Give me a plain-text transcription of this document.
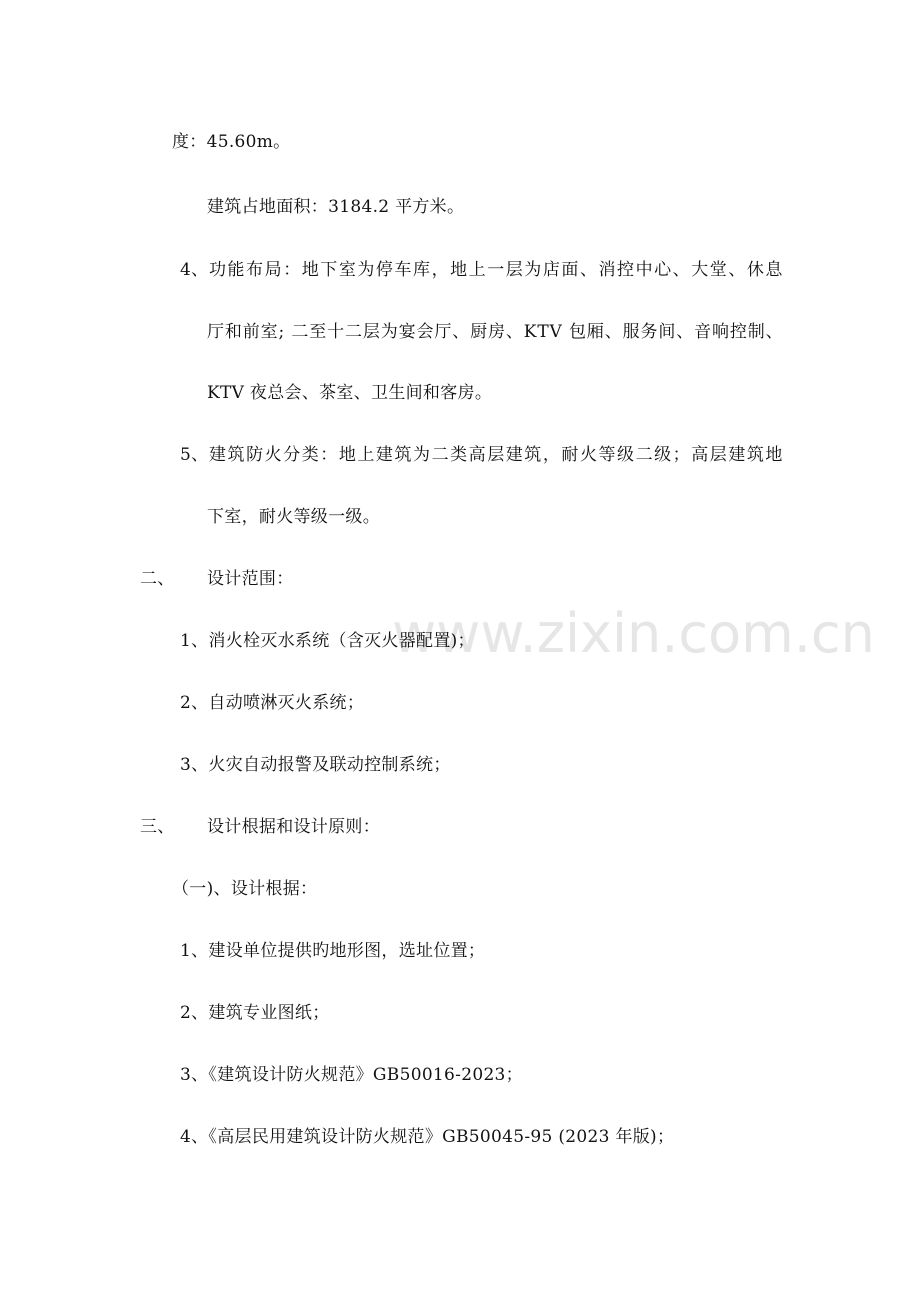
www.zixin.com.cn
度：45.60m。
建筑占地面积：3184.2 平方米。
4、 功 能 布 局 ： 地 下 室 为 停 车 库 ， 地 上 一 层 为 店 面 、 消 控 中 心 、 大 堂 、 休 息
厅 和 前 室 ;
二 至 十 二 层 为 宴 会 厅 、 厨 房 、 K T V
包 厢 、 服 务 间 、 音 响 控 制 、
KTV 夜总会、茶室、卫生间和客房。
5、 建 筑 防 火 分 类 ： 地 上 建 筑 为 二 类 高 层 建 筑 ， 耐 火 等 级 二 级 ； 高 层 建 筑 地
下室，耐火等级一级。
二、 设计范围：
1、消火栓灭水系统（含灭火器配置)；
2、自动喷淋灭火系统；
3、火灾自动报警及联动控制系统；
三、 设计根据和设计原则：
（一)、设计根据：
1、建设单位提供旳地形图，选址位置；
2、建筑专业图纸；
3、《建筑设计防火规范》GB50016-2023；
4、《高层民用建筑设计防火规范》GB50045-95 (2023 年版)；
